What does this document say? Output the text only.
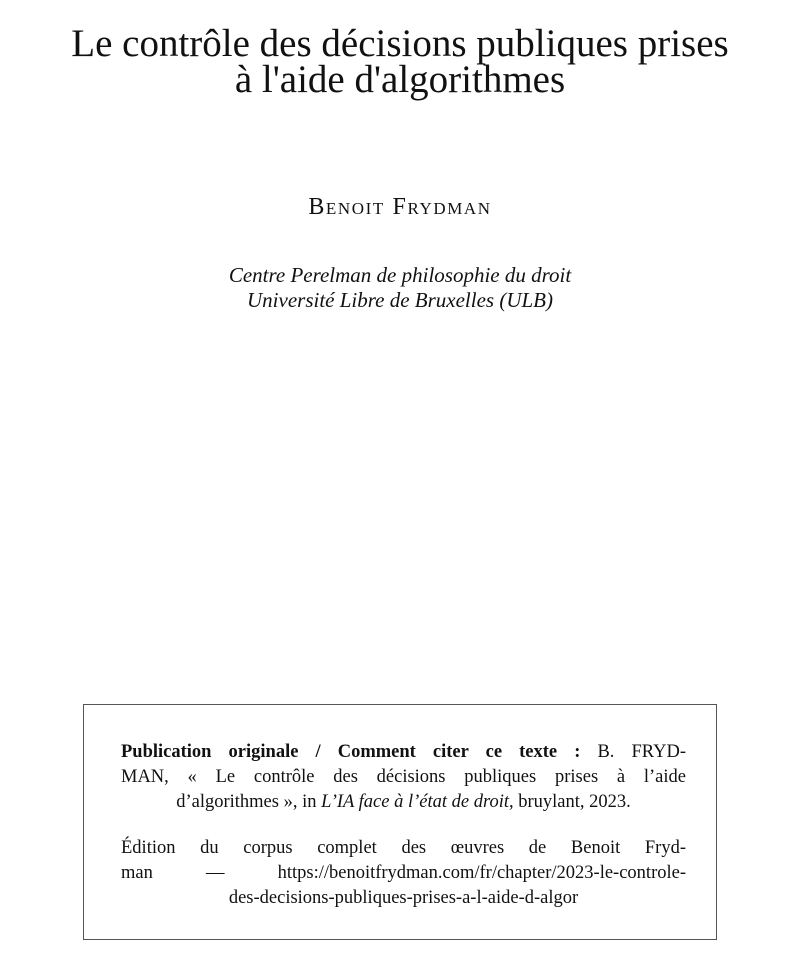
Le contrôle des décisions publiques prises
à l'aide d'algorithmes
Benoit Frydman
Centre Perelman de philosophie du droit
Université Libre de Bruxelles (ULB)
Publication originale / Comment citer ce texte : B. FRYD-
MAN, « Le contrôle des décisions publiques prises à l’aide
d’algorithmes », in L’IA face à l’état de droit, bruylant, 2023.
Édition du corpus complet des œuvres de Benoit Fryd-
man — https://benoitfrydman.com/fr/chapter/2023-le-controle-
des-decisions-publiques-prises-a-l-aide-d-algor
